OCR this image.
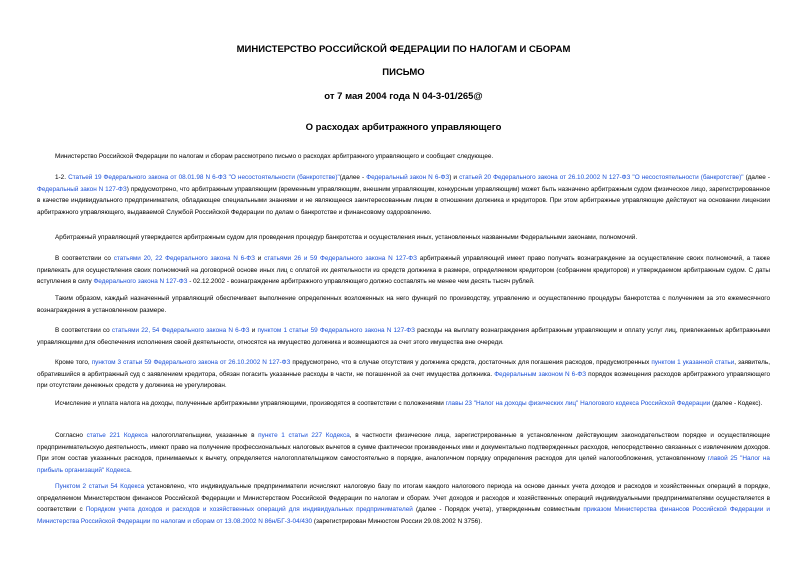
МИНИСТЕРСТВО РОССИЙСКОЙ ФЕДЕРАЦИИ ПО НАЛОГАМ И СБОРАМ
ПИСЬМО
от 7 мая 2004 года N 04-3-01/265@
О расходах арбитражного управляющего
Министерство Российской Федерации по налогам и сборам рассмотрело письмо о расходах арбитражного управляющего и сообщает следующее.
1-2. Статьей 19 Федерального закона от 08.01.98 N 6-ФЗ "О несостоятельности (банкротстве)"(далее - Федеральный закон N 6-ФЗ) и статьей 20 Федерального закона от 26.10.2002 N 127-ФЗ "О несостоятельности (банкротстве)" (далее - Федеральный закон N 127-ФЗ) предусмотрено, что арбитражным управляющим (временным управляющим, внешним управляющим, конкурсным управляющим) может быть назначено арбитражным судом физическое лицо, зарегистрированное в качестве индивидуального предпринимателя, обладающее специальными знаниями и не являющееся заинтересованным лицом в отношении должника и кредиторов. При этом арбитражные управляющие действуют на основании лицензии арбитражного управляющего, выдаваемой Службой Российской Федерации по делам о банкротстве и финансовому оздоровлению.
Арбитражный управляющий утверждается арбитражным судом для проведения процедур банкротства и осуществления иных, установленных названными Федеральными законами, полномочий.
В соответствии со статьями 20, 22 Федерального закона N 6-ФЗ и статьями 26 и 59 Федерального закона N 127-ФЗ арбитражный управляющий имеет право получать вознаграждение за осуществление своих полномочий, а также привлекать для осуществления своих полномочий на договорной основе иных лиц с оплатой их деятельности из средств должника в размере, определяемом кредитором (собранием кредиторов) и утверждаемом арбитражным судом. С даты вступления в силу Федерального закона N 127-ФЗ - 02.12.2002 - вознаграждение арбитражного управляющего должно составлять не менее чем десять тысяч рублей.
Таким образом, каждый назначенный управляющий обеспечивает выполнение определенных возложенных на него функций по производству, управлению и осуществлению процедуры банкротства с получением за это ежемесячного вознаграждения в установленном размере.
В соответствии со статьями 22, 54 Федерального закона N 6-ФЗ и пунктом 1 статьи 59 Федерального закона N 127-ФЗ расходы на выплату вознаграждения арбитражным управляющим и оплату услуг лиц, привлекаемых арбитражными управляющими для обеспечения исполнения своей деятельности, относятся на имущество должника и возмещаются за счет этого имущества вне очереди.
Кроме того, пунктом 3 статьи 59 Федерального закона от 26.10.2002 N 127-ФЗ предусмотрено, что в случае отсутствия у должника средств, достаточных для погашения расходов, предусмотренных пунктом 1 указанной статьи, заявитель, обратившийся в арбитражный суд с заявлением кредитора, обязан погасить указанные расходы в части, не погашенной за счет имущества должника. Федеральным законом N 6-ФЗ порядок возмещения расходов арбитражного управляющего при отсутствии денежных средств у должника не урегулирован.
Исчисление и уплата налога на доходы, полученные арбитражными управляющими, производятся в соответствии с положениями главы 23 "Налог на доходы физических лиц" Налогового кодекса Российской Федерации (далее - Кодекс).
Согласно статье 221 Кодекса налогоплательщики, указанные в пункте 1 статьи 227 Кодекса, в частности физические лица, зарегистрированные в установленном действующим законодательством порядке и осуществляющие предпринимательскую деятельность, имеют право на получение профессиональных налоговых вычетов в сумме фактически произведенных ими и документально подтвержденных расходов, непосредственно связанных с извлечением доходов. При этом состав указанных расходов, принимаемых к вычету, определяется налогоплательщиком самостоятельно в порядке, аналогичном порядку определения расходов для целей налогообложения, установленному главой 25 "Налог на прибыль организаций" Кодекса.
Пунктом 2 статьи 54 Кодекса установлено, что индивидуальные предприниматели исчисляют налоговую базу по итогам каждого налогового периода на основе данных учета доходов и расходов и хозяйственных операций в порядке, определяемом Министерством финансов Российской Федерации и Министерством Российской Федерации по налогам и сборам. Учет доходов и расходов и хозяйственных операций индивидуальными предпринимателями осуществляется в соответствии с Порядком учета доходов и расходов и хозяйственных операций для индивидуальных предпринимателей (далее - Порядок учета), утвержденным совместным приказом Министерства финансов Российской Федерации и Министерства Российской Федерации по налогам и сборам от 13.08.2002 N 86н/БГ-3-04/430 (зарегистрирован Минюстом России 29.08.2002 N 3756).
